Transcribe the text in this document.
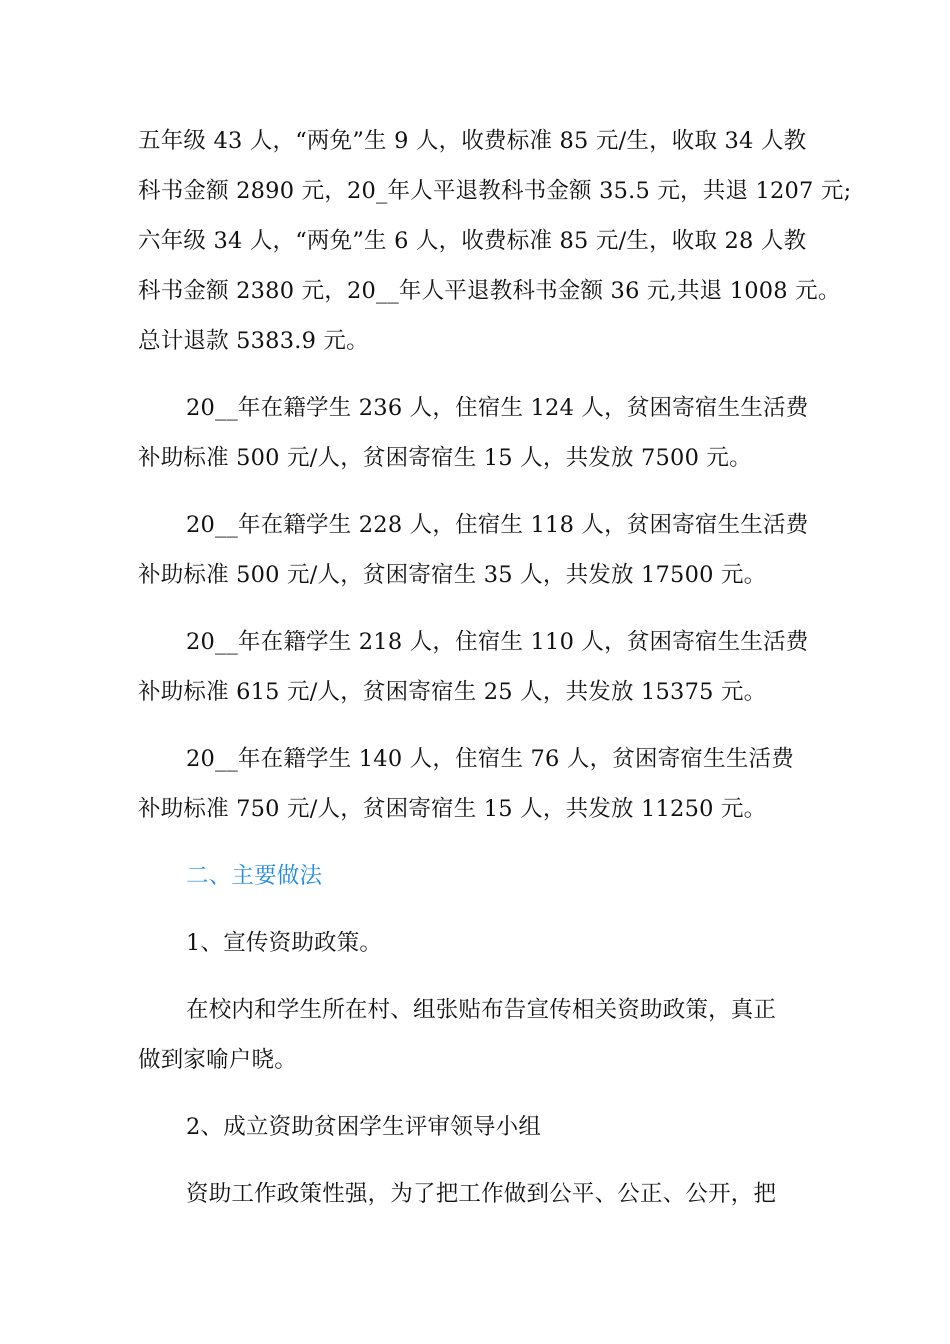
五年级 43 人，“两免”生 9 人，收费标准 85 元/生，收取 34 人教
科书金额 2890 元，20_年人平退教科书金额 35.5 元，共退 1207 元;
六年级 34 人，“两免”生 6 人，收费标准 85 元/生，收取 28 人教
科书金额 2380 元，20__年人平退教科书金额 36 元,共退 1008 元。
总计退款 5383.9 元。
20__年在籍学生 236 人，住宿生 124 人，贫困寄宿生生活费
补助标准 500 元/人，贫困寄宿生 15 人，共发放 7500 元。
20__年在籍学生 228 人，住宿生 118 人，贫困寄宿生生活费
补助标准 500 元/人，贫困寄宿生 35 人，共发放 17500 元。
20__年在籍学生 218 人，住宿生 110 人，贫困寄宿生生活费
补助标准 615 元/人，贫困寄宿生 25 人，共发放 15375 元。
20__年在籍学生 140 人，住宿生 76 人，贫困寄宿生生活费
补助标准 750 元/人，贫困寄宿生 15 人，共发放 11250 元。
二、主要做法
1、宣传资助政策。
在校内和学生所在村、组张贴布告宣传相关资助政策，真正
做到家喻户晓。
2、成立资助贫困学生评审领导小组
资助工作政策性强，为了把工作做到公平、公正、公开，把
